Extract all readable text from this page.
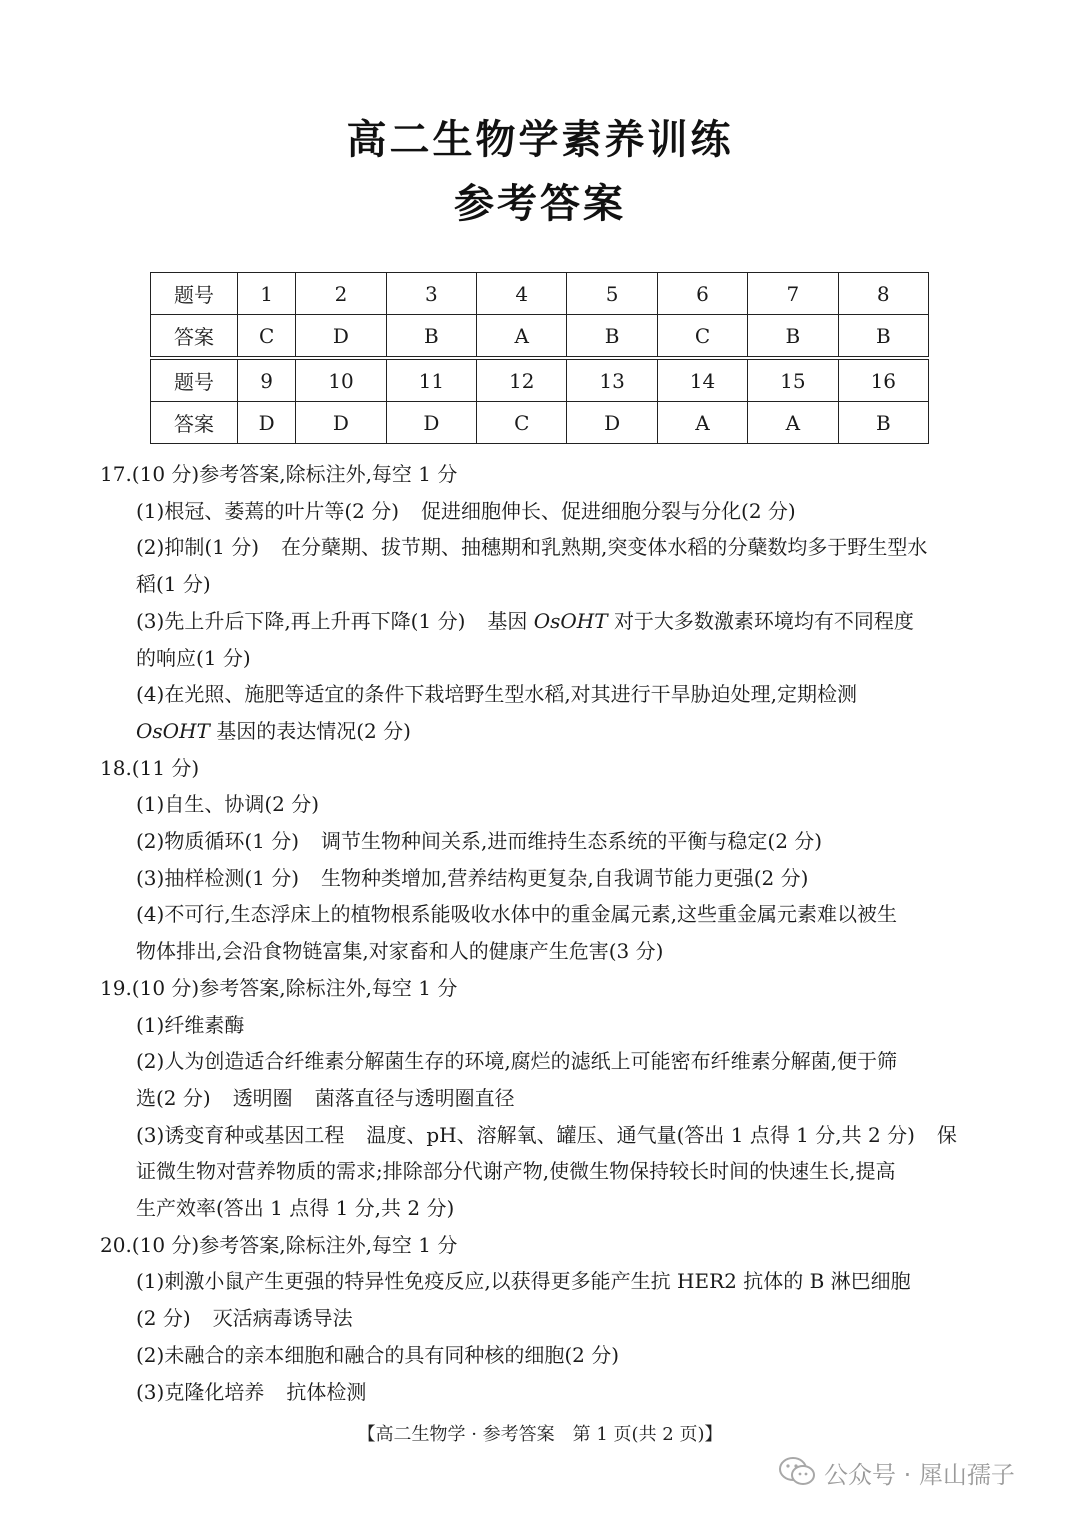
高二生物学素养训练
参考答案
题号	1	2	3	4	5	6	7	8
答案	C	D	B	A	B	C	B	B

题号	9	10	11	12	13	14	15	16
答案	D	D	D	C	D	A	A	B

17.(10 分)参考答案,除标注外,每空 1 分

(1)根冠、萎蔫的叶片等(2 分) 促进细胞伸长、促进细胞分裂与分化(2 分)

(2)抑制(1 分) 在分蘖期、拔节期、抽穗期和乳熟期,突变体水稻的分蘖数均多于野生型水

稻(1 分)

(3)先上升后下降,再上升再下降(1 分) 基因 OsOHT 对于大多数激素环境均有不同程度

的响应(1 分)

(4)在光照、施肥等适宜的条件下栽培野生型水稻,对其进行干旱胁迫处理,定期检测

OsOHT 基因的表达情况(2 分)

18.(11 分)

(1)自生、协调(2 分)

(2)物质循环(1 分) 调节生物种间关系,进而维持生态系统的平衡与稳定(2 分)

(3)抽样检测(1 分) 生物种类增加,营养结构更复杂,自我调节能力更强(2 分)

(4)不可行,生态浮床上的植物根系能吸收水体中的重金属元素,这些重金属元素难以被生

物体排出,会沿食物链富集,对家畜和人的健康产生危害(3 分)

19.(10 分)参考答案,除标注外,每空 1 分

(1)纤维素酶

(2)人为创造适合纤维素分解菌生存的环境,腐烂的滤纸上可能密布纤维素分解菌,便于筛

选(2 分) 透明圈 菌落直径与透明圈直径

(3)诱变育种或基因工程 温度、pH、溶解氧、罐压、通气量(答出 1 点得 1 分,共 2 分) 保

证微生物对营养物质的需求;排除部分代谢产物,使微生物保持较长时间的快速生长,提高

生产效率(答出 1 点得 1 分,共 2 分)

20.(10 分)参考答案,除标注外,每空 1 分

(1)刺激小鼠产生更强的特异性免疫反应,以获得更多能产生抗 HER2 抗体的 B 淋巴细胞

(2 分) 灭活病毒诱导法

(2)未融合的亲本细胞和融合的具有同种核的细胞(2 分)

(3)克隆化培养 抗体检测

【高二生物学 · 参考答案　第 1 页(共 2 页)】
公众号 · 犀山孺子
